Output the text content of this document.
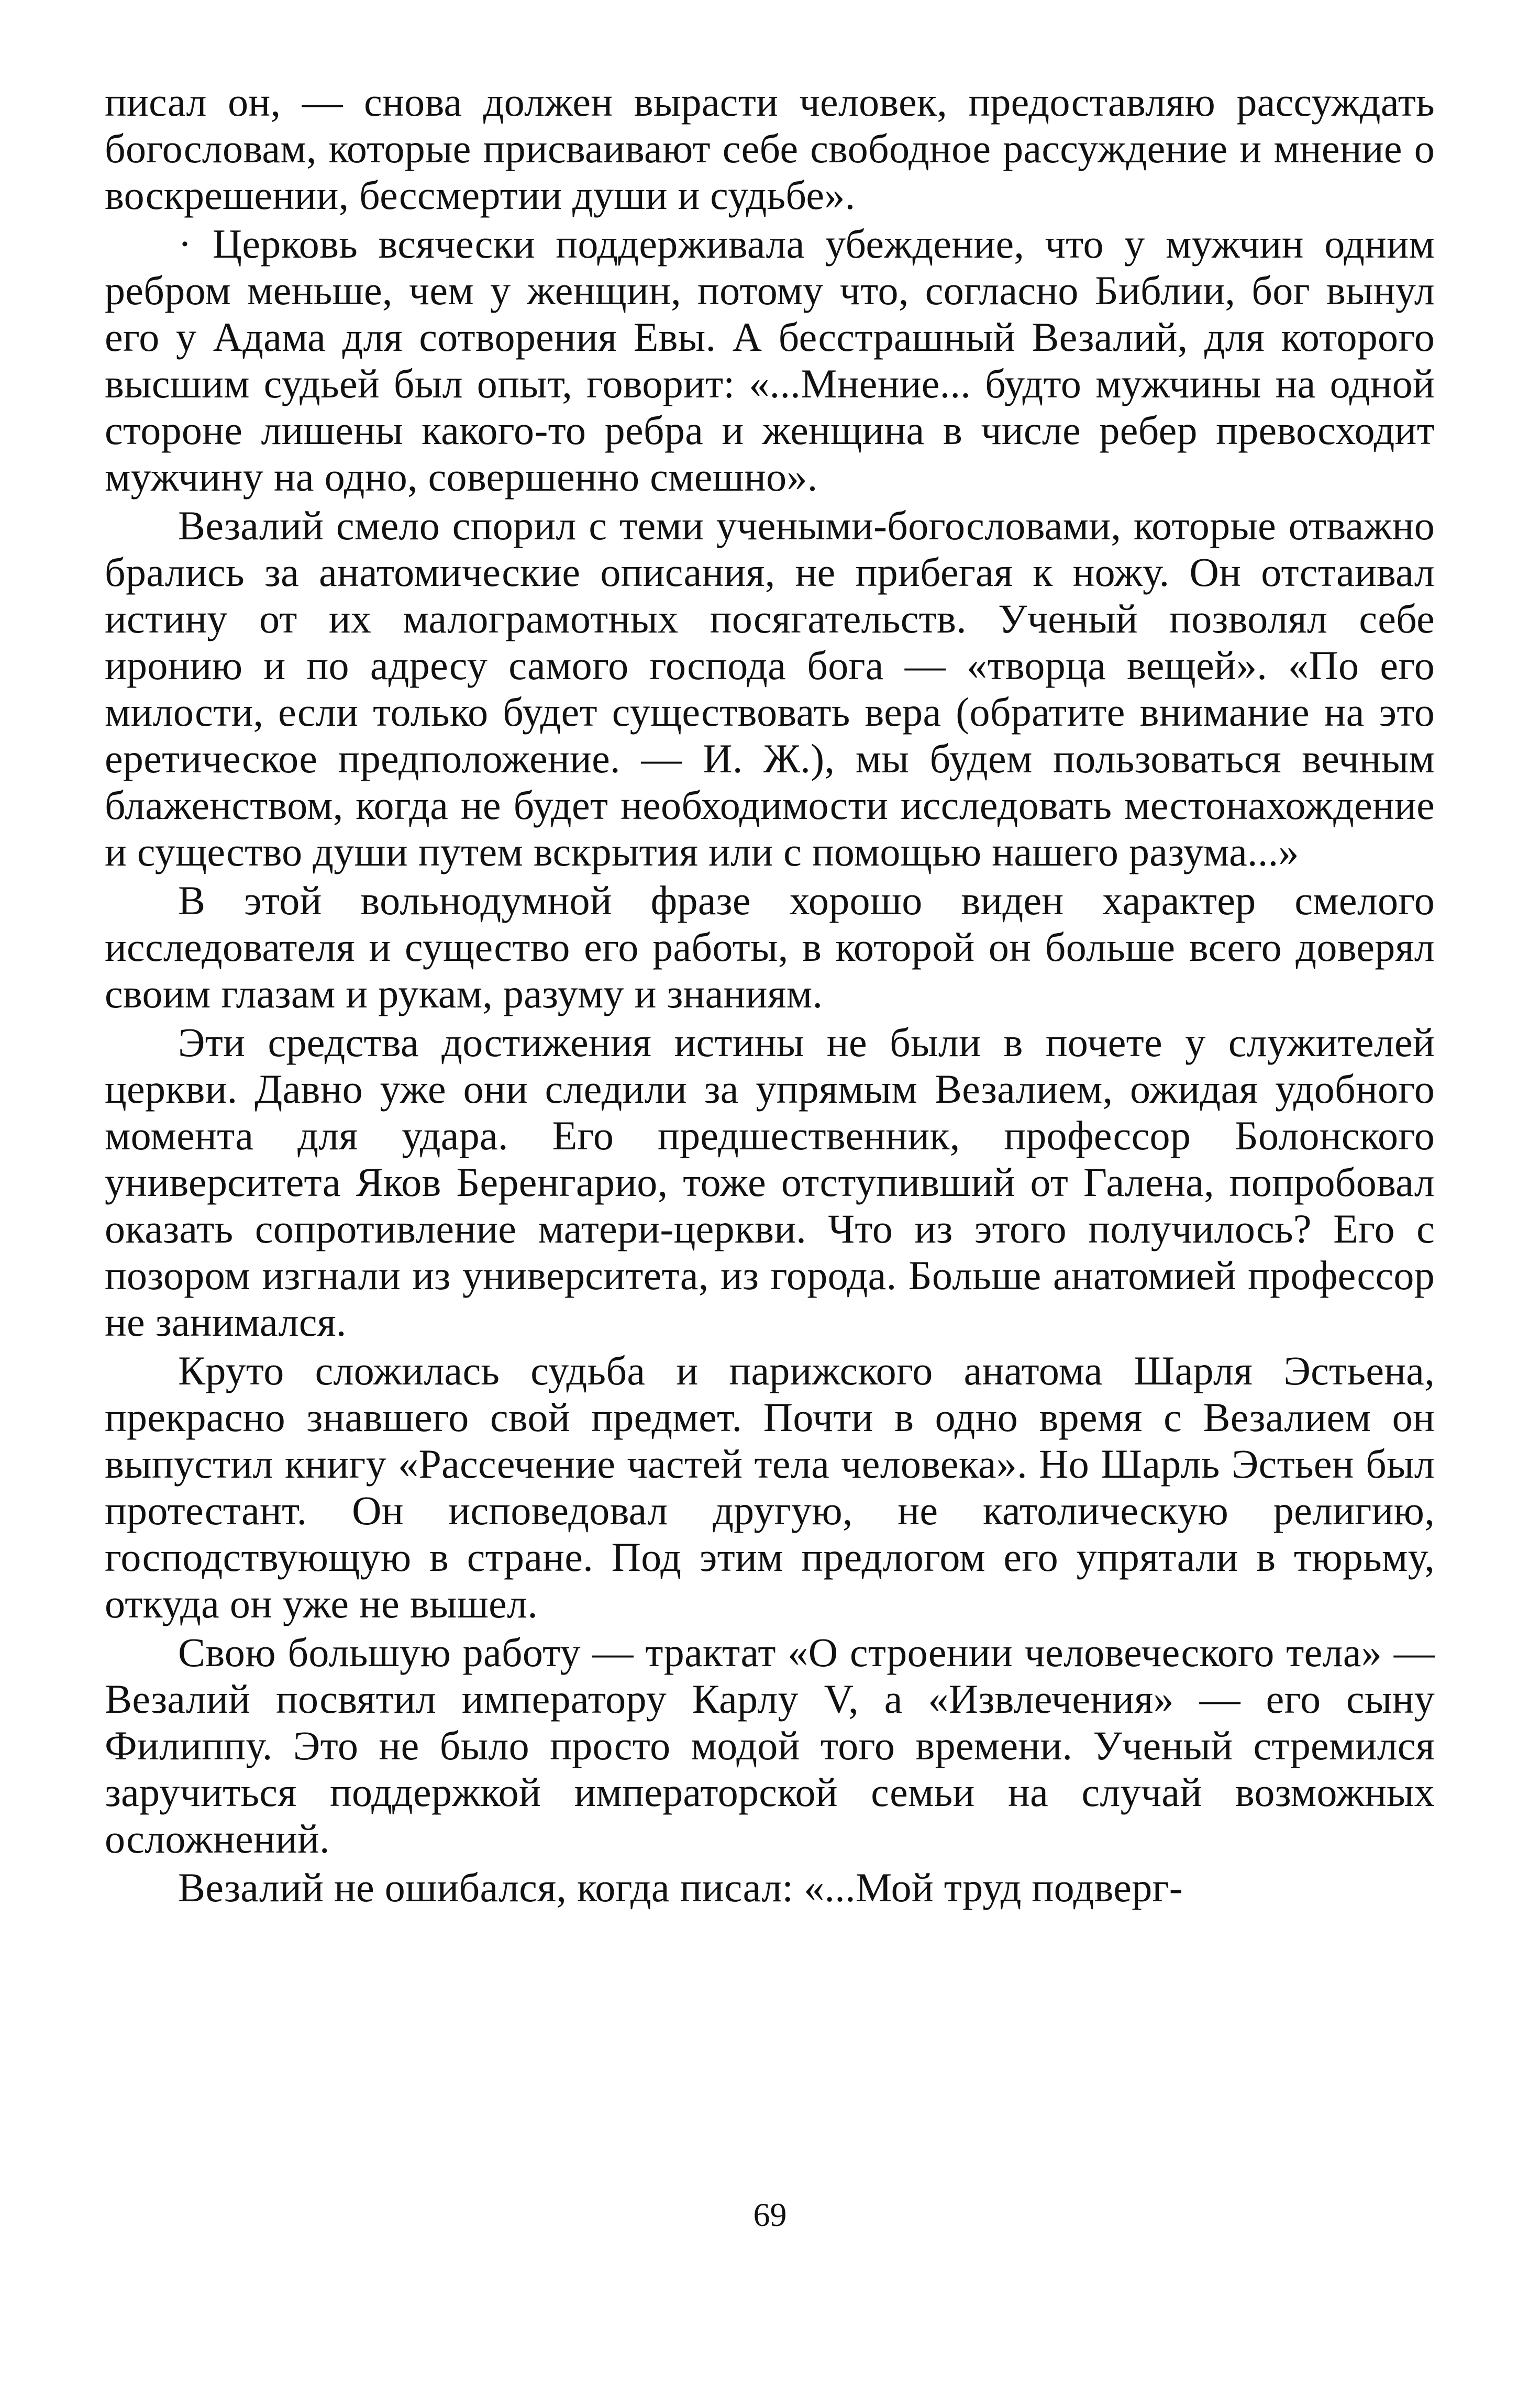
писал он, — снова должен вырасти человек, предоставляю рассуждать богословам, которые присваивают себе свободное рассуждение и мнение о воскрешении, бессмертии души и судьбе».

· Церковь всячески поддерживала убеждение, что у мужчин одним ребром меньше, чем у женщин, потому что, согласно Библии, бог вынул его у Адама для сотворения Евы. А бесстрашный Везалий, для которого высшим судьей был опыт, говорит: «...Мнение... будто мужчины на одной стороне лишены какого-то ребра и женщина в числе ребер превосходит мужчину на одно, совершенно смешно».

Везалий смело спорил с теми учеными-богословами, которые отважно брались за анатомические описания, не прибегая к ножу. Он отстаивал истину от их малограмотных посягательств. Ученый позволял себе иронию и по адресу самого господа бога — «творца вещей». «По его милости, если только будет существовать вера (обратите внимание на это еретическое предположение. — И. Ж.), мы будем пользоваться вечным блаженством, когда не будет необходимости исследовать местонахождение и существо души путем вскрытия или с помощью нашего разума...»

В этой вольнодумной фразе хорошо виден характер смелого исследователя и существо его работы, в которой он больше всего доверял своим глазам и рукам, разуму и знаниям.

Эти средства достижения истины не были в почете у служителей церкви. Давно уже они следили за упрямым Везалием, ожидая удобного момента для удара. Его предшественник, профессор Болонского университета Яков Беренгарио, тоже отступивший от Галена, попробовал оказать сопротивление матери-церкви. Что из этого получилось? Его с позором изгнали из университета, из города. Больше анатомией профессор не занимался.

Круто сложилась судьба и парижского анатома Шарля Эстьена, прекрасно знавшего свой предмет. Почти в одно время с Везалием он выпустил книгу «Рассечение частей тела человека». Но Шарль Эстьен был протестант. Он исповедовал другую, не католическую религию, господствующую в стране. Под этим предлогом его упрятали в тюрьму, откуда он уже не вышел.

Свою большую работу — трактат «О строении человеческого тела» — Везалий посвятил императору Карлу V, а «Извлечения» — его сыну Филиппу. Это не было просто модой того времени. Ученый стремился заручиться поддержкой императорской семьи на случай возможных осложнений.

Везалий не ошибался, когда писал: «...Мой труд подверг-

69
